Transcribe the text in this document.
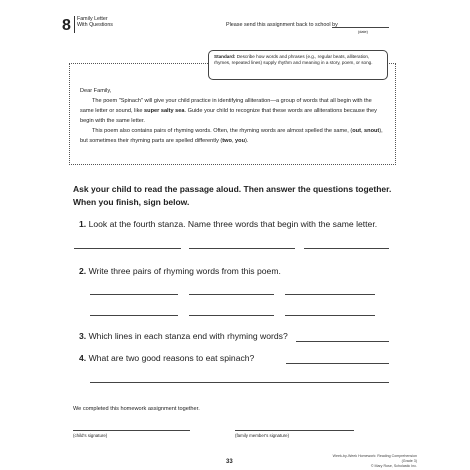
8 Family Letter
With Questions	Please send this assignment back to school by
(date)
Standard: Describe how words and phrases (e.g., regular beats, alliteration, rhymes, repeated lines) supply rhythm and meaning in a story, poem, or song.

Dear Family,

The poem "Spinach" will give your child practice in identifying alliteration—a group of words that all begin with the same letter or sound, like super salty sea. Guide your child to recognize that these words are alliterations because they begin with the same letter.

This poem also contains pairs of rhyming words. Often, the rhyming words are almost spelled the same, (out, snout), but sometimes their rhyming parts are spelled differently (two, you).

Ask your child to read the passage aloud. Then answer the questions together. When you finish, sign below.
1. Look at the fourth stanza. Name three words that begin with the same letter.
2. Write three pairs of rhyming words from this poem.
3. Which lines in each stanza end with rhyming words?
4. What are two good reasons to eat spinach?
We completed this homework assignment together.
(child's signature)	(family member's signature)
33
Week-by-Week Homework: Reading Comprehension (Grade 3)
© Mary Rose, Scholastic Inc.
